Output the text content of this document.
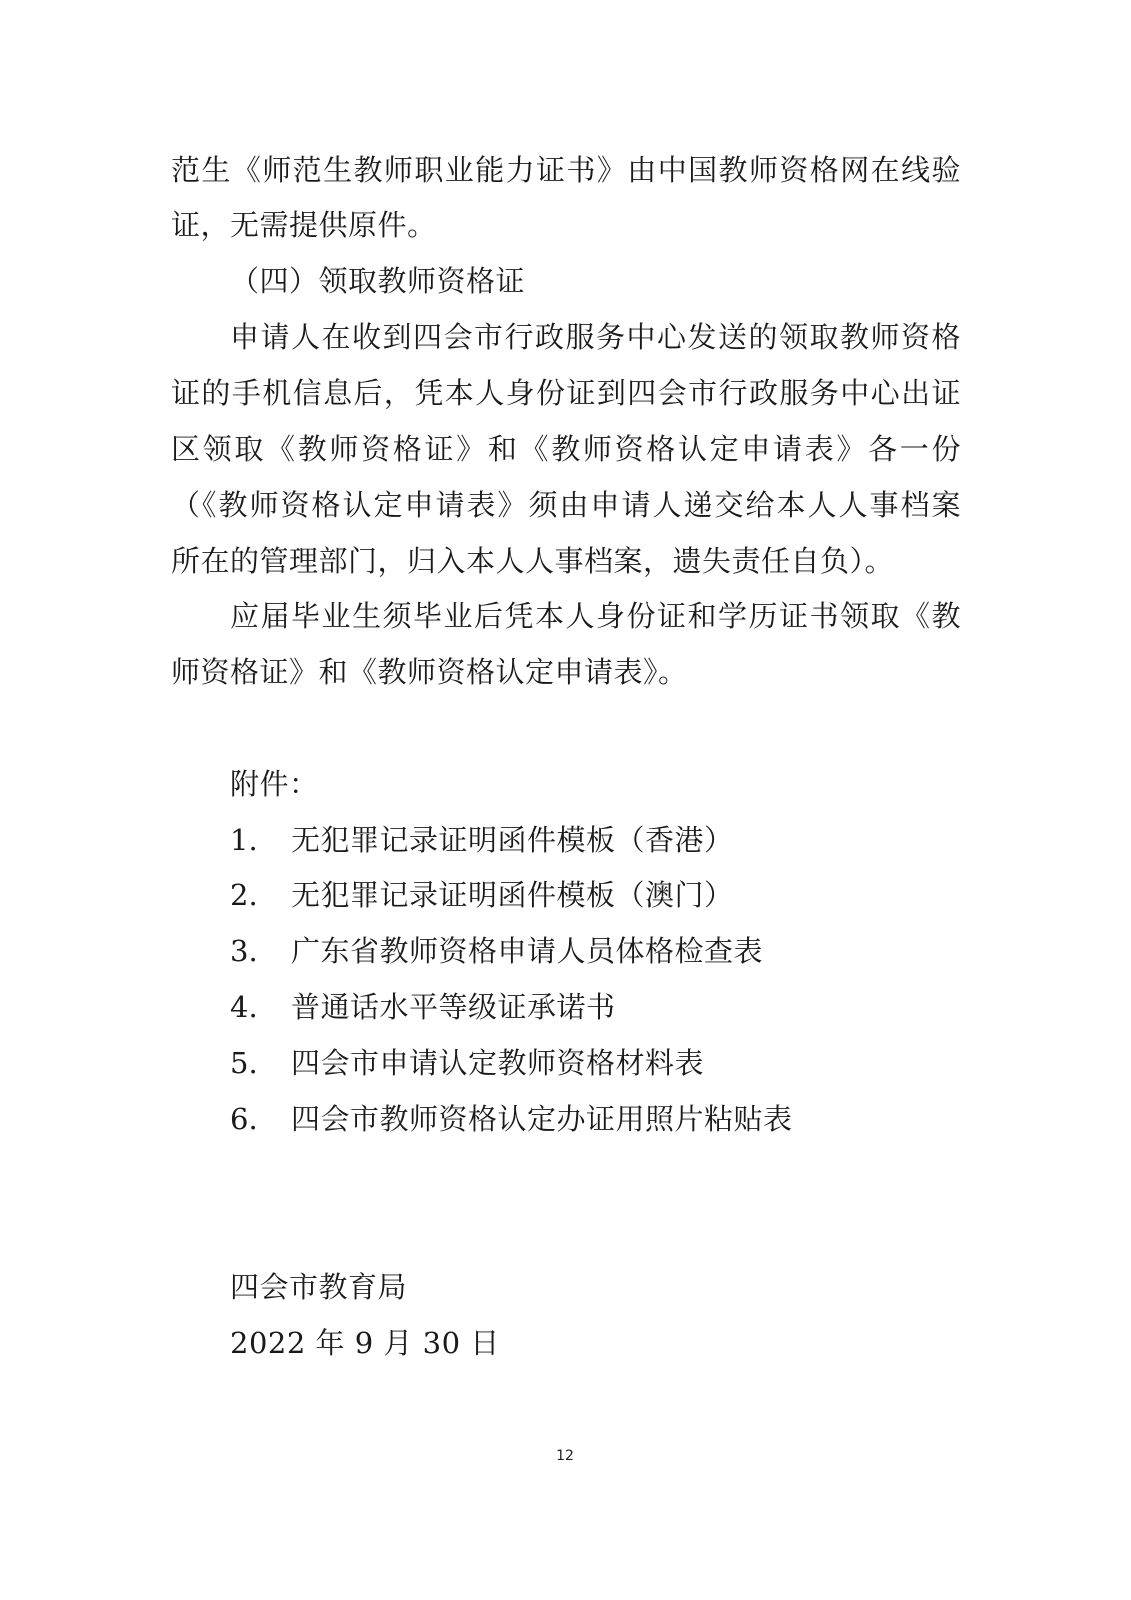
范生《师范生教师职业能力证书》由中国教师资格网在线验
证，无需提供原件。
（四）领取教师资格证
申请人在收到四会市行政服务中心发送的领取教师资格
证的手机信息后，凭本人身份证到四会市行政服务中心出证
区领取《教师资格证》和《教师资格认定申请表》各一份
（《教师资格认定申请表》须由申请人递交给本人人事档案
所在的管理部门，归入本人人事档案，遗失责任自负）。
应届毕业生须毕业后凭本人身份证和学历证书领取《教
师资格证》和《教师资格认定申请表》。
附件：
1. 无犯罪记录证明函件模板（香港）
2. 无犯罪记录证明函件模板（澳门）
3. 广东省教师资格申请人员体格检查表
4. 普通话水平等级证承诺书
5. 四会市申请认定教师资格材料表
6. 四会市教师资格认定办证用照片粘贴表
四会市教育局
2022 年 9 月 30 日
12
